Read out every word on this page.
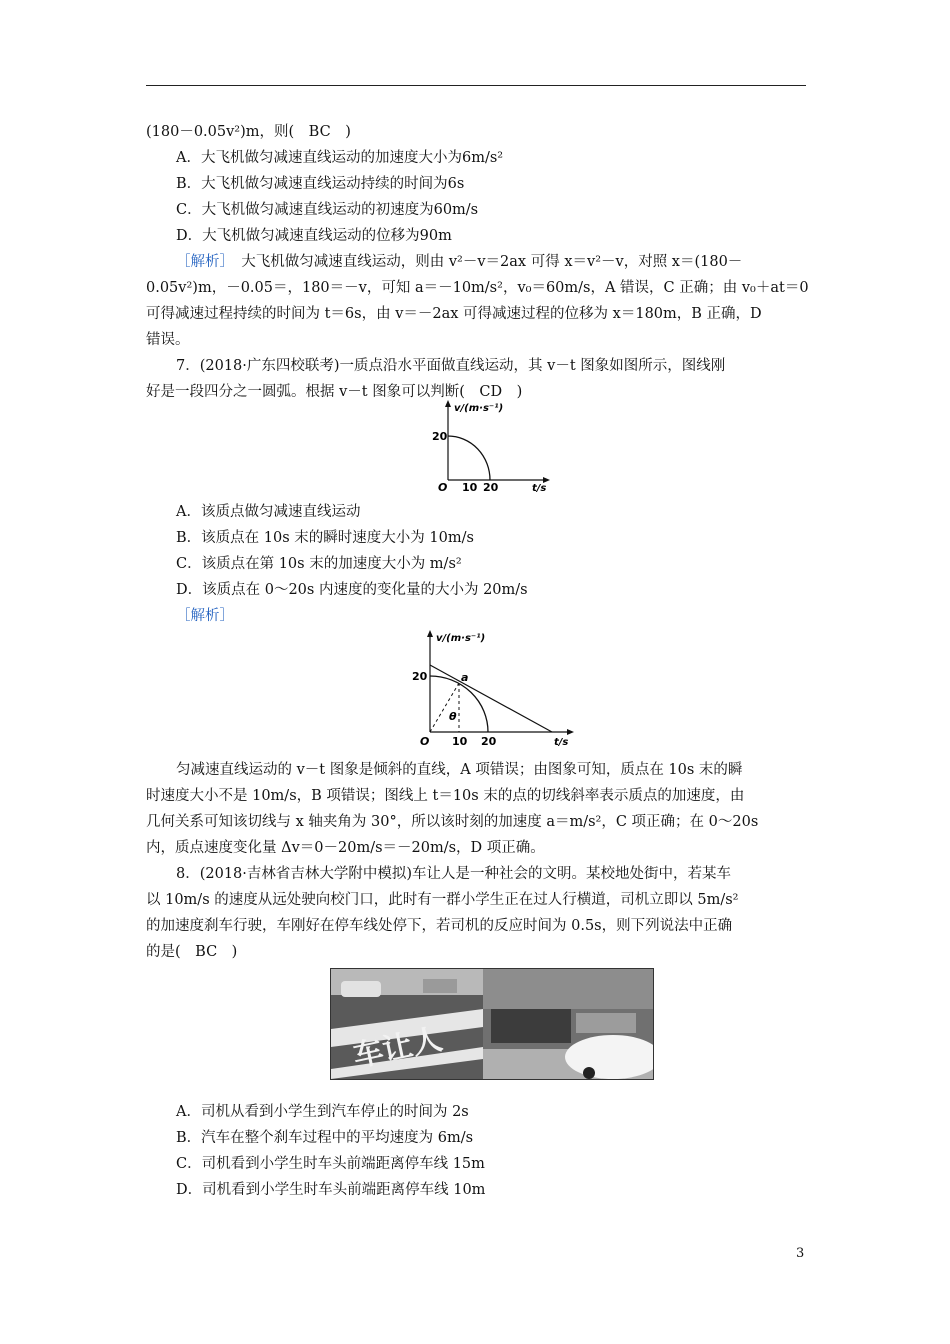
(180－0.05v²)m，则(　BC　)
A．大飞机做匀减速直线运动的加速度大小为6m/s²
B．大飞机做匀减速直线运动持续的时间为6s
C．大飞机做匀减速直线运动的初速度为60m/s
D．大飞机做匀减速直线运动的位移为90m
［解析］　大飞机做匀减速直线运动，则由 v²－v＝2ax 可得 x＝v²－v，对照 x＝(180－
0.05v²)m，－0.05＝，180＝－v，可知 a＝－10m/s²，v₀＝60m/s，A 错误，C 正确；由 v₀＋at＝0
可得减速过程持续的时间为 t＝6s，由 v＝－2ax 可得减速过程的位移为 x＝180m，B 正确，D
错误。
7．(2018·广东四校联考)一质点沿水平面做直线运动，其 v－t 图象如图所示，图线刚
好是一段四分之一圆弧。根据 v－t 图象可以判断(　CD　)
v/(m·s⁻¹)
20
O 10 20	t/s
A．该质点做匀减速直线运动
B．该质点在 10s 末的瞬时速度大小为 10m/s
C．该质点在第 10s 末的加速度大小为 m/s²
D．该质点在 0～20s 内速度的变化量的大小为 20m/s
［解析］
v/(m·s⁻¹)
20	a
θ
O 10 20	t/s
匀减速直线运动的 v－t 图象是倾斜的直线，A 项错误；由图象可知，质点在 10s 末的瞬
时速度大小不是 10m/s，B 项错误；图线上 t＝10s 末的点的切线斜率表示质点的加速度，由
几何关系可知该切线与 x 轴夹角为 30°，所以该时刻的加速度 a＝m/s²，C 项正确；在 0～20s
内，质点速度变化量 Δv＝0－20m/s＝－20m/s，D 项正确。
8．(2018·吉林省吉林大学附中模拟)车让人是一种社会的文明。某校地处街中，若某车
以 10m/s 的速度从远处驶向校门口，此时有一群小学生正在过人行横道，司机立即以 5m/s²
的加速度刹车行驶，车刚好在停车线处停下，若司机的反应时间为 0.5s，则下列说法中正确
的是(　BC　)
车让人
A．司机从看到小学生到汽车停止的时间为 2s
B．汽车在整个刹车过程中的平均速度为 6m/s
C．司机看到小学生时车头前端距离停车线 15m
D．司机看到小学生时车头前端距离停车线 10m
3
